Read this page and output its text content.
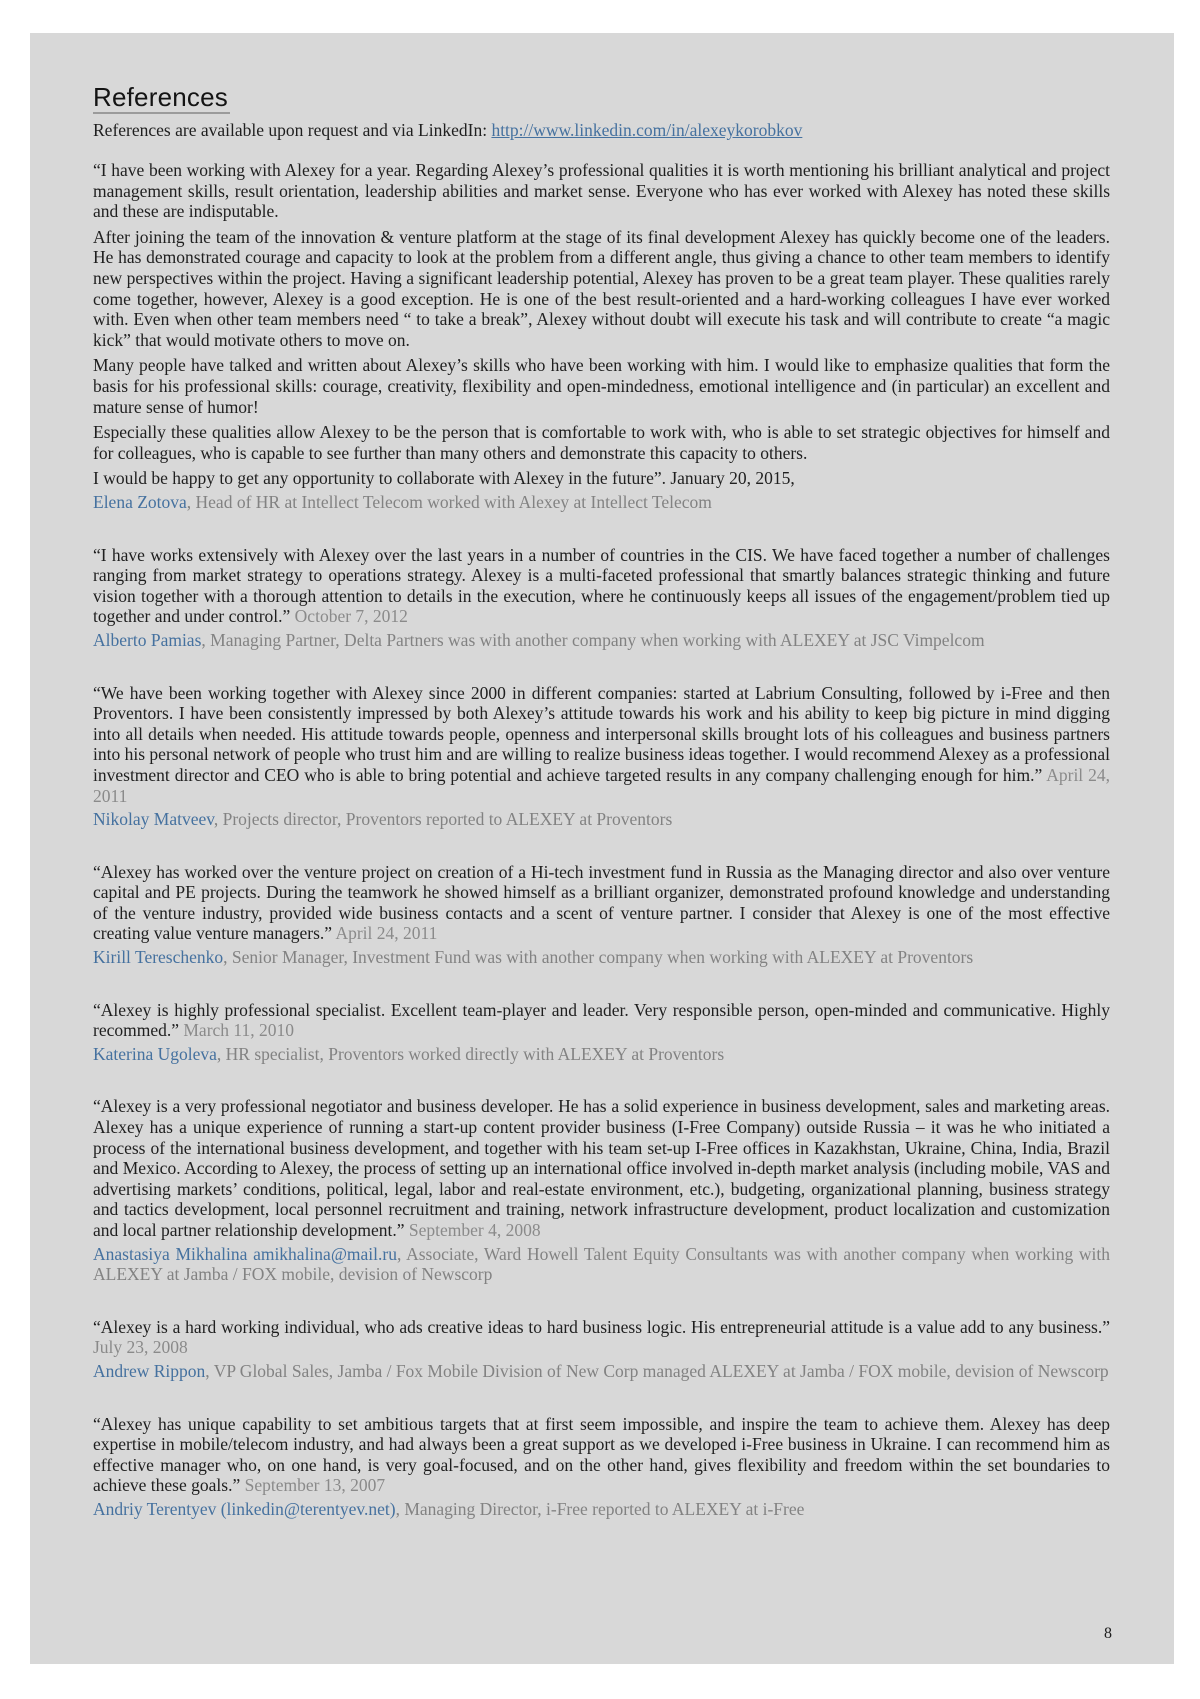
References

References are available upon request and via LinkedIn: http://www.linkedin.com/in/alexeykorobkov

“I have been working with Alexey for a year. Regarding Alexey’s professional qualities it is worth mentioning his brilliant analytical and project management skills, result orientation, leadership abilities and market sense. Everyone who has ever worked with Alexey has noted these skills and these are indisputable.

After joining the team of the innovation & venture platform at the stage of its final development Alexey has quickly become one of the leaders. He has demonstrated courage and capacity to look at the problem from a different angle, thus giving a chance to other team members to identify new perspectives within the project. Having a significant leadership potential, Alexey has proven to be a great team player. These qualities rarely come together, however, Alexey is a good exception. He is one of the best result-oriented and a hard-working colleagues I have ever worked with. Even when other team members need “ to take a break”, Alexey without doubt will execute his task and will contribute to create “a magic kick” that would motivate others to move on.

Many people have talked and written about Alexey’s skills who have been working with him. I would like to emphasize qualities that form the basis for his professional skills: courage, creativity, flexibility and open-mindedness, emotional intelligence and (in particular) an excellent and mature sense of humor!

Especially these qualities allow Alexey to be the person that is comfortable to work with, who is able to set strategic objectives for himself and for colleagues, who is capable to see further than many others and demonstrate this capacity to others.

I would be happy to get any opportunity to collaborate with Alexey in the future”. January 20, 2015,

Elena Zotova, Head of HR at Intellect Telecom worked with Alexey at Intellect Telecom

“I have works extensively with Alexey over the last years in a number of countries in the CIS. We have faced together a number of challenges ranging from market strategy to operations strategy. Alexey is a multi-faceted professional that smartly balances strategic thinking and future vision together with a thorough attention to details in the execution, where he continuously keeps all issues of the engagement/problem tied up together and under control.” October 7, 2012

Alberto Pamias, Managing Partner, Delta Partners was with another company when working with ALEXEY at JSC Vimpelcom

“We have been working together with Alexey since 2000 in different companies: started at Labrium Consulting, followed by i-Free and then Proventors. I have been consistently impressed by both Alexey’s attitude towards his work and his ability to keep big picture in mind digging into all details when needed. His attitude towards people, openness and interpersonal skills brought lots of his colleagues and business partners into his personal network of people who trust him and are willing to realize business ideas together. I would recommend Alexey as a professional investment director and CEO who is able to bring potential and achieve targeted results in any company challenging enough for him.” April 24, 2011

Nikolay Matveev, Projects director, Proventors reported to ALEXEY at Proventors

“Alexey has worked over the venture project on creation of a Hi-tech investment fund in Russia as the Managing director and also over venture capital and PE projects. During the teamwork he showed himself as a brilliant organizer, demonstrated profound knowledge and understanding of the venture industry, provided wide business contacts and a scent of venture partner. I consider that Alexey is one of the most effective creating value venture managers.” April 24, 2011

Kirill Tereschenko, Senior Manager, Investment Fund was with another company when working with ALEXEY at Proventors

“Alexey is highly professional specialist. Excellent team-player and leader. Very responsible person, open-minded and communicative. Highly recommed.” March 11, 2010

Katerina Ugoleva, HR specialist, Proventors worked directly with ALEXEY at Proventors

“Alexey is a very professional negotiator and business developer. He has a solid experience in business development, sales and marketing areas. Alexey has a unique experience of running a start-up content provider business (I-Free Company) outside Russia – it was he who initiated a process of the international business development, and together with his team set-up I-Free offices in Kazakhstan, Ukraine, China, India, Brazil and Mexico. According to Alexey, the process of setting up an international office involved in-depth market analysis (including mobile, VAS and advertising markets’ conditions, political, legal, labor and real-estate environment, etc.), budgeting, organizational planning, business strategy and tactics development, local personnel recruitment and training, network infrastructure development, product localization and customization and local partner relationship development.” September 4, 2008

Anastasiya Mikhalina amikhalina@mail.ru, Associate, Ward Howell Talent Equity Consultants was with another company when working with ALEXEY at Jamba / FOX mobile, devision of Newscorp

“Alexey is a hard working individual, who ads creative ideas to hard business logic. His entrepreneurial attitude is a value add to any business.” July 23, 2008

Andrew Rippon, VP Global Sales, Jamba / Fox Mobile Division of New Corp managed ALEXEY at Jamba / FOX mobile, devision of Newscorp

“Alexey has unique capability to set ambitious targets that at first seem impossible, and inspire the team to achieve them. Alexey has deep expertise in mobile/telecom industry, and had always been a great support as we developed i-Free business in Ukraine. I can recommend him as effective manager who, on one hand, is very goal-focused, and on the other hand, gives flexibility and freedom within the set boundaries to achieve these goals.” September 13, 2007

Andriy Terentyev (linkedin@terentyev.net), Managing Director, i-Free reported to ALEXEY at i-Free

8
